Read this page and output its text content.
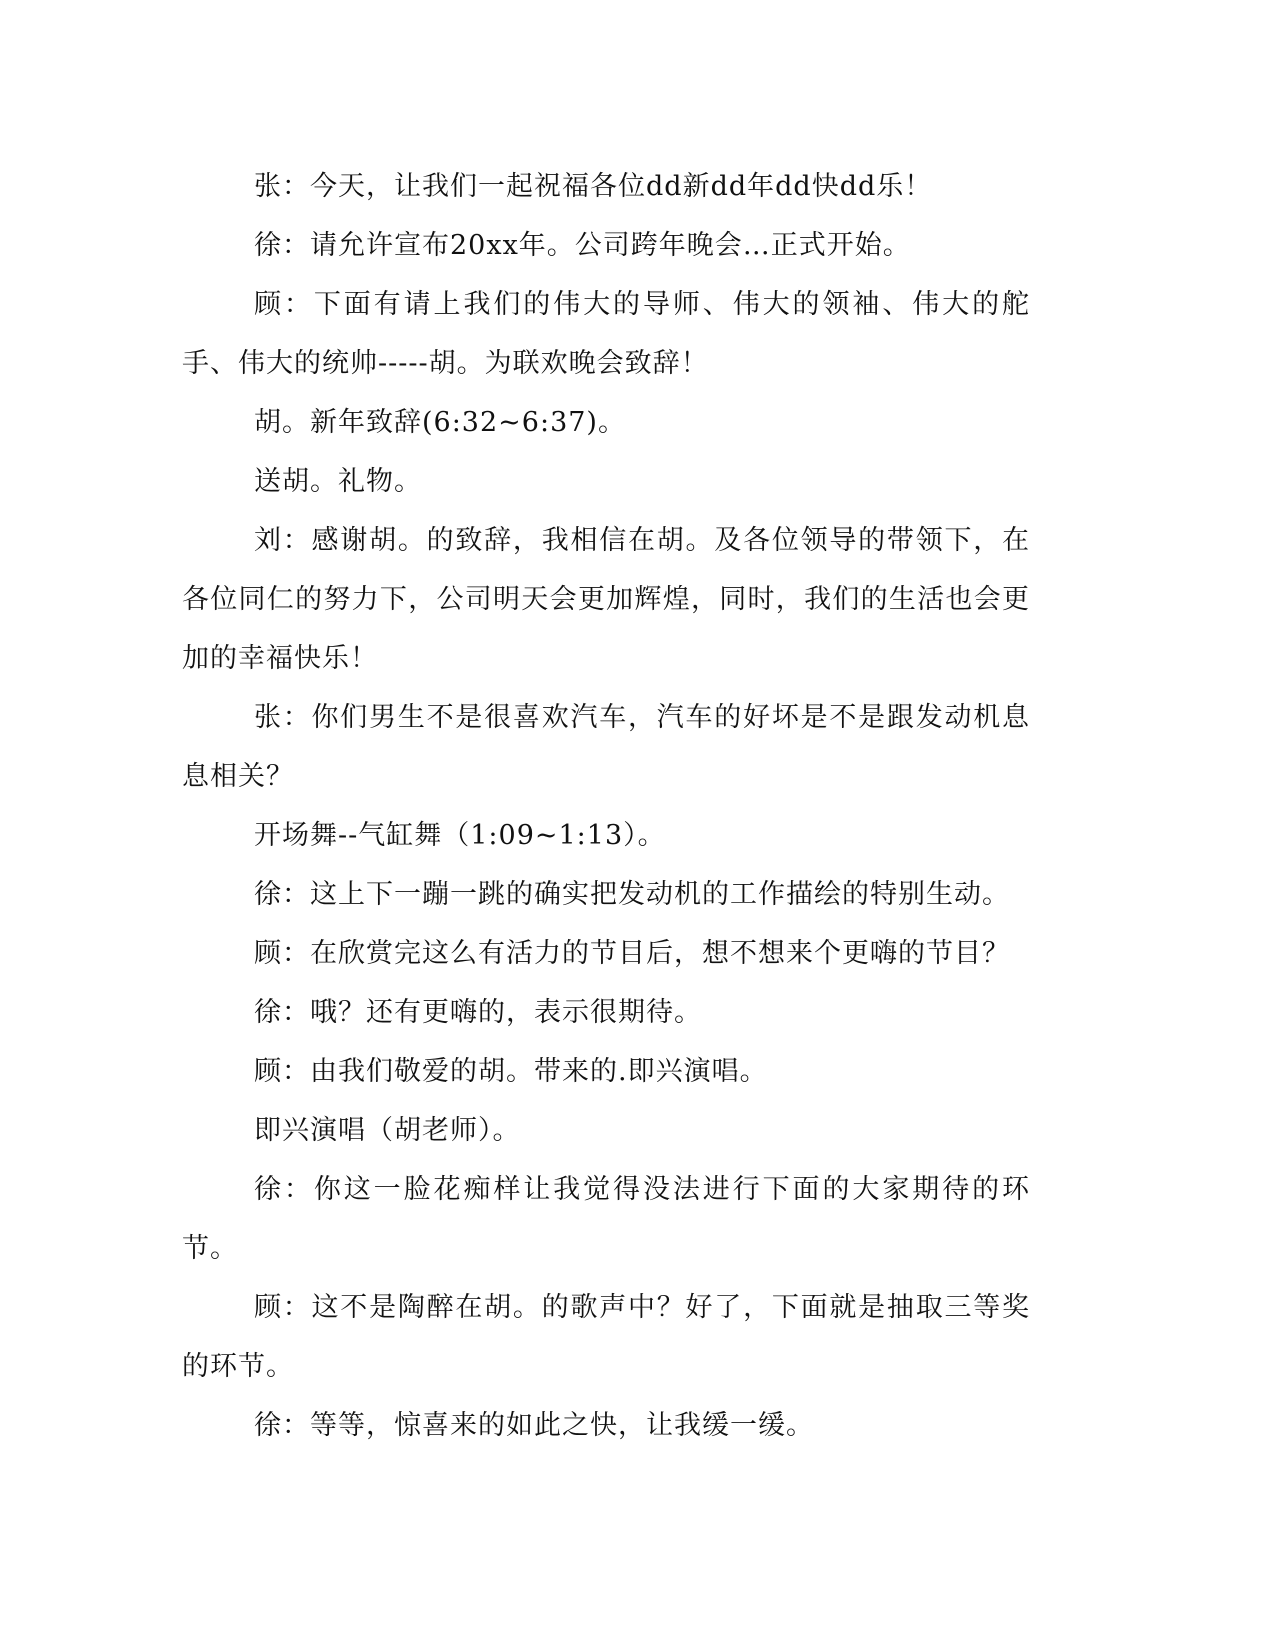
张：今天，让我们一起祝福各位dd新dd年dd快dd乐！

徐：请允许宣布20xx年。公司跨年晚会…正式开始。

顾：下面有请上我们的伟大的导师、伟大的领袖、伟大的舵手、伟大的统帅-----胡。为联欢晚会致辞！

胡。新年致辞(6:32~6:37)。

送胡。礼物。

刘：感谢胡。的致辞，我相信在胡。及各位领导的带领下，在各位同仁的努力下，公司明天会更加辉煌，同时，我们的生活也会更加的幸福快乐！

张：你们男生不是很喜欢汽车，汽车的好坏是不是跟发动机息息相关？

开场舞--气缸舞（1:09~1:13）。

徐：这上下一蹦一跳的确实把发动机的工作描绘的特别生动。

顾：在欣赏完这么有活力的节目后，想不想来个更嗨的节目？

徐：哦？还有更嗨的，表示很期待。

顾：由我们敬爱的胡。带来的.即兴演唱。

即兴演唱（胡老师）。

徐：你这一脸花痴样让我觉得没法进行下面的大家期待的环节。

顾：这不是陶醉在胡。的歌声中？好了，下面就是抽取三等奖的环节。

徐：等等，惊喜来的如此之快，让我缓一缓。
